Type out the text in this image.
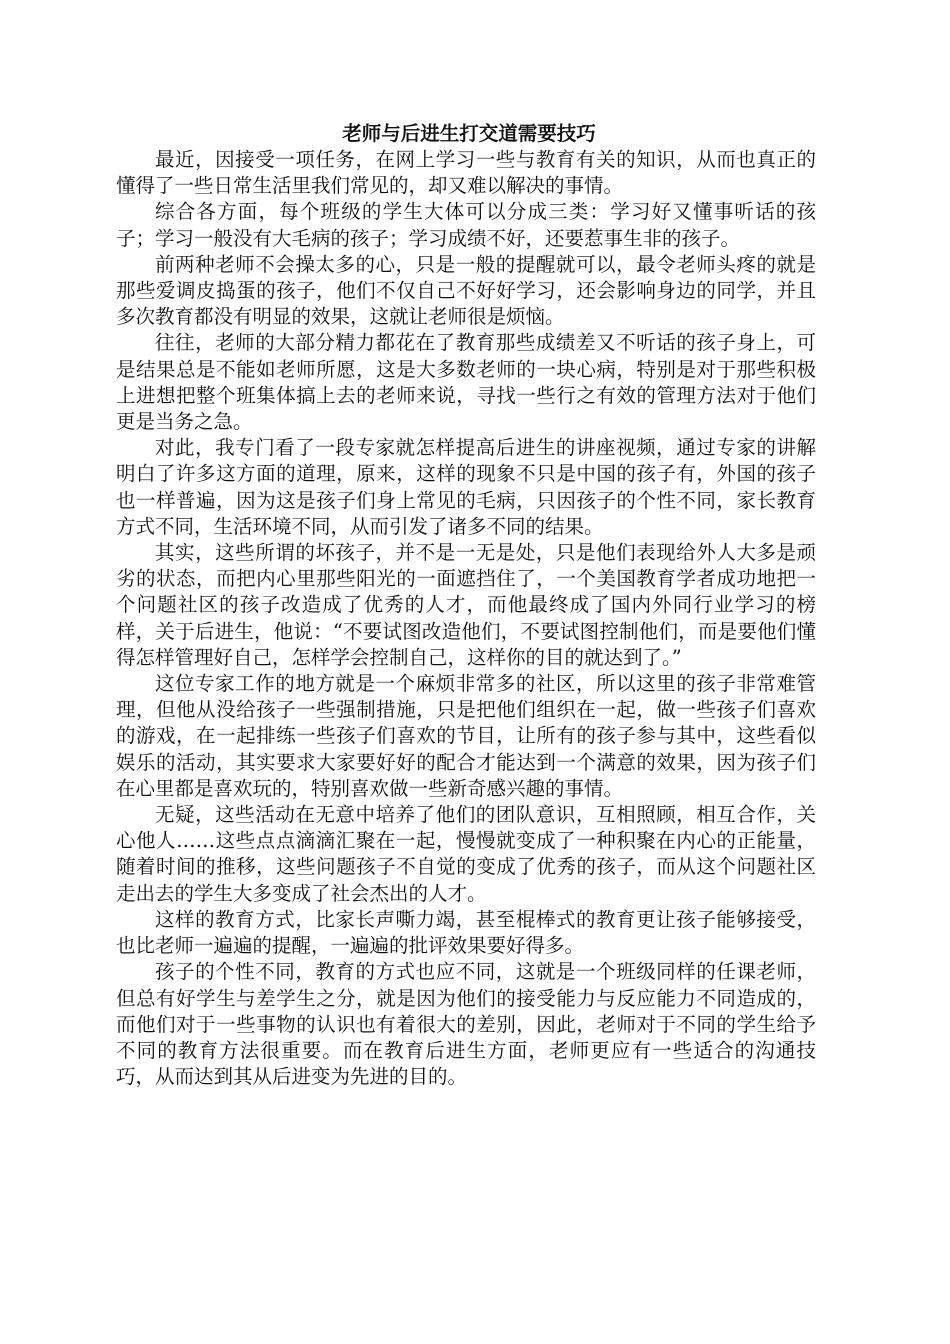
老师与后进生打交道需要技巧

最近，因接受一项任务，在网上学习一些与教育有关的知识，从而也真正的懂得了一些日常生活里我们常见的，却又难以解决的事情。

综合各方面，每个班级的学生大体可以分成三类：学习好又懂事听话的孩子；学习一般没有大毛病的孩子；学习成绩不好，还要惹事生非的孩子。

前两种老师不会操太多的心，只是一般的提醒就可以，最令老师头疼的就是那些爱调皮捣蛋的孩子，他们不仅自己不好好学习，还会影响身边的同学，并且多次教育都没有明显的效果，这就让老师很是烦恼。

往往，老师的大部分精力都花在了教育那些成绩差又不听话的孩子身上，可是结果总是不能如老师所愿，这是大多数老师的一块心病，特别是对于那些积极上进想把整个班集体搞上去的老师来说，寻找一些行之有效的管理方法对于他们更是当务之急。

对此，我专门看了一段专家就怎样提高后进生的讲座视频，通过专家的讲解明白了许多这方面的道理，原来，这样的现象不只是中国的孩子有，外国的孩子也一样普遍，因为这是孩子们身上常见的毛病，只因孩子的个性不同，家长教育方式不同，生活环境不同，从而引发了诸多不同的结果。

其实，这些所谓的坏孩子，并不是一无是处，只是他们表现给外人大多是顽劣的状态，而把内心里那些阳光的一面遮挡住了，一个美国教育学者成功地把一个问题社区的孩子改造成了优秀的人才，而他最终成了国内外同行业学习的榜样，关于后进生，他说：“不要试图改造他们，不要试图控制他们，而是要他们懂得怎样管理好自己，怎样学会控制自己，这样你的目的就达到了。”

这位专家工作的地方就是一个麻烦非常多的社区，所以这里的孩子非常难管理，但他从没给孩子一些强制措施，只是把他们组织在一起，做一些孩子们喜欢的游戏，在一起排练一些孩子们喜欢的节目，让所有的孩子参与其中，这些看似娱乐的活动，其实要求大家要好好的配合才能达到一个满意的效果，因为孩子们在心里都是喜欢玩的，特别喜欢做一些新奇感兴趣的事情。

无疑，这些活动在无意中培养了他们的团队意识，互相照顾，相互合作，关心他人……这些点点滴滴汇聚在一起，慢慢就变成了一种积聚在内心的正能量，随着时间的推移，这些问题孩子不自觉的变成了优秀的孩子，而从这个问题社区走出去的学生大多变成了社会杰出的人才。

这样的教育方式，比家长声嘶力竭，甚至棍棒式的教育更让孩子能够接受，也比老师一遍遍的提醒，一遍遍的批评效果要好得多。

孩子的个性不同，教育的方式也应不同，这就是一个班级同样的任课老师，但总有好学生与差学生之分，就是因为他们的接受能力与反应能力不同造成的，而他们对于一些事物的认识也有着很大的差别，因此，老师对于不同的学生给予不同的教育方法很重要。而在教育后进生方面，老师更应有一些适合的沟通技巧，从而达到其从后进变为先进的目的。
